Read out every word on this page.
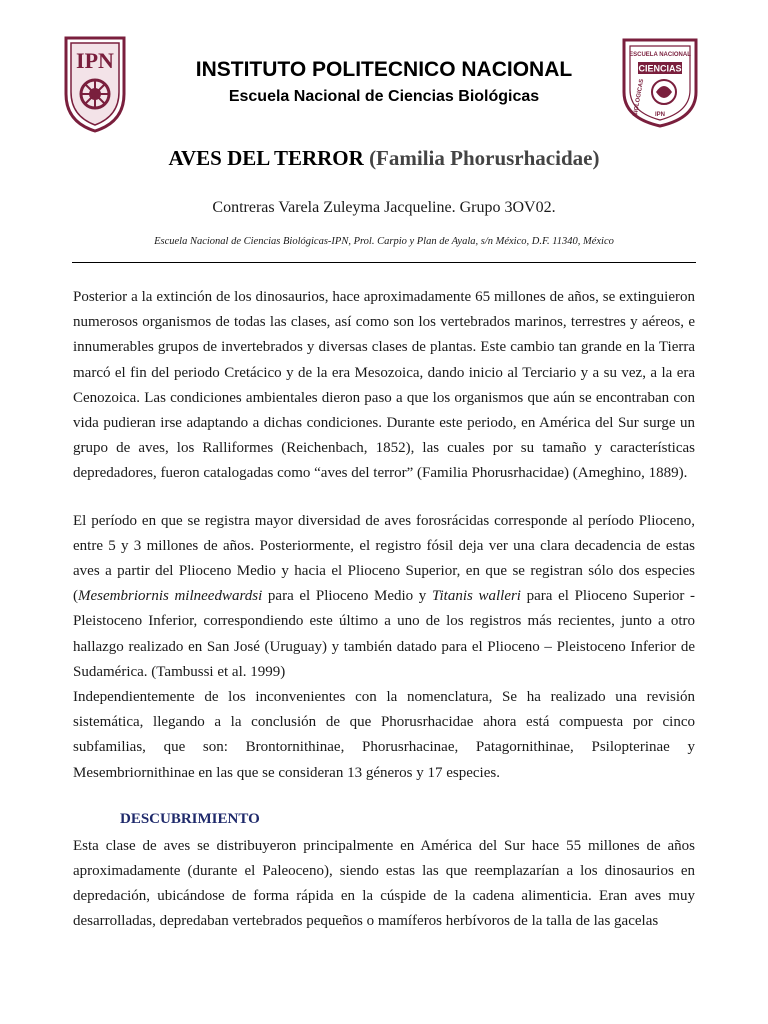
IPN	ESCUELA NACIONAL
CIENCIAS
BIOLOGICAS IPN
INSTITUTO POLITECNICO NACIONAL
Escuela Nacional de Ciencias Biológicas
AVES DEL TERROR (Familia Phorusrhacidae)
Contreras Varela Zuleyma Jacqueline. Grupo 3OV02.
Escuela Nacional de Ciencias Biológicas-IPN, Prol. Carpio y Plan de Ayala, s/n México, D.F. 11340, México

Posterior a la extinción de los dinosaurios, hace aproximadamente 65 millones de años, se extinguieron numerosos organismos de todas las clases, así como son los vertebrados marinos, terrestres y aéreos, e innumerables grupos de invertebrados y diversas clases de plantas. Este cambio tan grande en la Tierra marcó el fin del periodo Cretácico y de la era Mesozoica, dando inicio al Terciario y a su vez, a la era Cenozoica. Las condiciones ambientales dieron paso a que los organismos que aún se encontraban con vida pudieran irse adaptando a dichas condiciones. Durante este periodo, en América del Sur surge un grupo de aves, los Ralliformes (Reichenbach, 1852), las cuales por su tamaño y características depredadores, fueron catalogadas como “aves del terror” (Familia Phorusrhacidae) (Ameghino, 1889).

El período en que se registra mayor diversidad de aves forosrácidas corresponde al período Plioceno, entre 5 y 3 millones de años. Posteriormente, el registro fósil deja ver una clara decadencia de estas aves a partir del Plioceno Medio y hacia el Plioceno Superior, en que se registran sólo dos especies (Mesembriornis milneedwardsi para el Plioceno Medio y Titanis walleri para el Plioceno Superior - Pleistoceno Inferior, correspondiendo este último a uno de los registros más recientes, junto a otro hallazgo realizado en San José (Uruguay) y también datado para el Plioceno – Pleistoceno Inferior de Sudamérica. (Tambussi et al. 1999)

Independientemente de los inconvenientes con la nomenclatura, Se ha realizado una revisión sistemática, llegando a la conclusión de que Phorusrhacidae ahora está compuesta por cinco subfamilias, que son: Brontornithinae, Phorusrhacinae, Patagornithinae, Psilopterinae y Mesembriornithinae en las que se consideran 13 géneros y 17 especies.

DESCUBRIMIENTO

Esta clase de aves se distribuyeron principalmente en América del Sur hace 55 millones de años aproximadamente (durante el Paleoceno), siendo estas las que reemplazarían a los dinosaurios en depredación, ubicándose de forma rápida en la cúspide de la cadena alimenticia. Eran aves muy desarrolladas, depredaban vertebrados pequeños o mamíferos herbívoros de la talla de las gacelas
